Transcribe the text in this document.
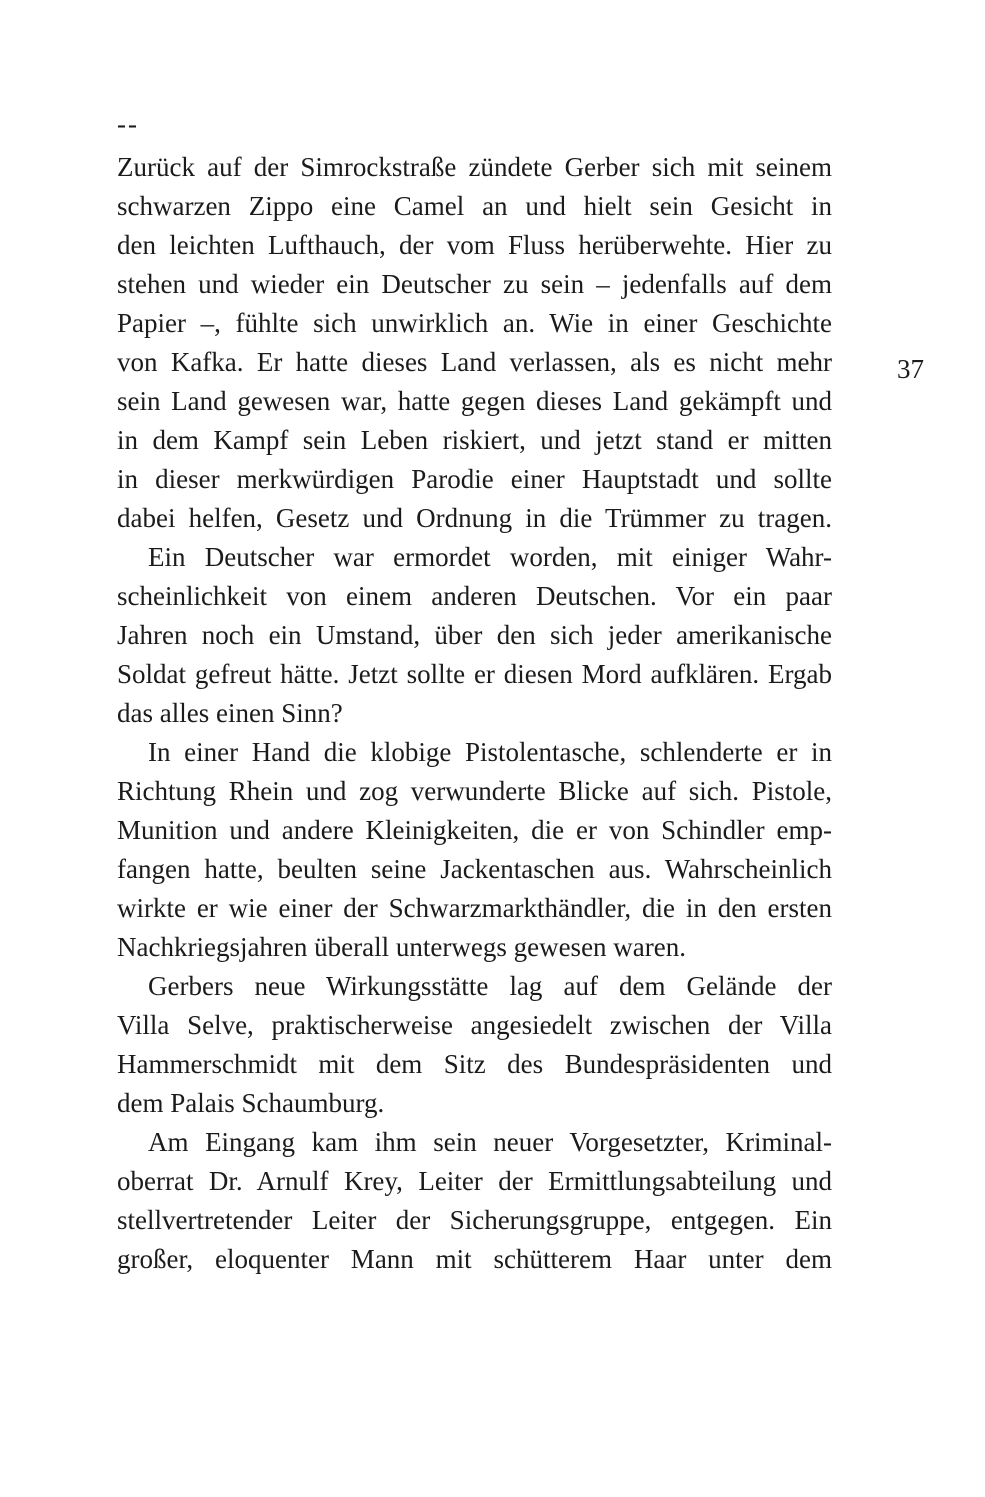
--
37
Zurück auf der Simrockstraße zündete Gerber sich mit seinem
schwarzen Zippo eine Camel an und hielt sein Gesicht in
den leichten Lufthauch, der vom Fluss herüberwehte. Hier zu
stehen und wieder ein Deutscher zu sein – jedenfalls auf dem
Papier –, fühlte sich unwirklich an. Wie in einer Geschichte
von Kafka. Er hatte dieses Land verlassen, als es nicht mehr
sein Land gewesen war, hatte gegen dieses Land gekämpft und
in dem Kampf sein Leben riskiert, und jetzt stand er mitten
in dieser merkwürdigen Parodie einer Hauptstadt und sollte
dabei helfen, Gesetz und Ordnung in die Trümmer zu tragen.
Ein Deutscher war ermordet worden, mit einiger Wahr-
scheinlichkeit von einem anderen Deutschen. Vor ein paar
Jahren noch ein Umstand, über den sich jeder amerikanische
Soldat gefreut hätte. Jetzt sollte er diesen Mord aufklären. Ergab
das alles einen Sinn?
In einer Hand die klobige Pistolentasche, schlenderte er in
Richtung Rhein und zog verwunderte Blicke auf sich. Pistole,
Munition und andere Kleinigkeiten, die er von Schindler emp-
fangen hatte, beulten seine Jackentaschen aus. Wahrscheinlich
wirkte er wie einer der Schwarzmarkthändler, die in den ersten
Nachkriegsjahren überall unterwegs gewesen waren.
Gerbers neue Wirkungsstätte lag auf dem Gelände der
Villa Selve, praktischerweise angesiedelt zwischen der Villa
Hammerschmidt mit dem Sitz des Bundespräsidenten und
dem Palais Schaumburg.
Am Eingang kam ihm sein neuer Vorgesetzter, Kriminal-
oberrat Dr. Arnulf Krey, Leiter der Ermittlungsabteilung und
stellvertretender Leiter der Sicherungsgruppe, entgegen. Ein
großer, eloquenter Mann mit schütterem Haar unter dem
